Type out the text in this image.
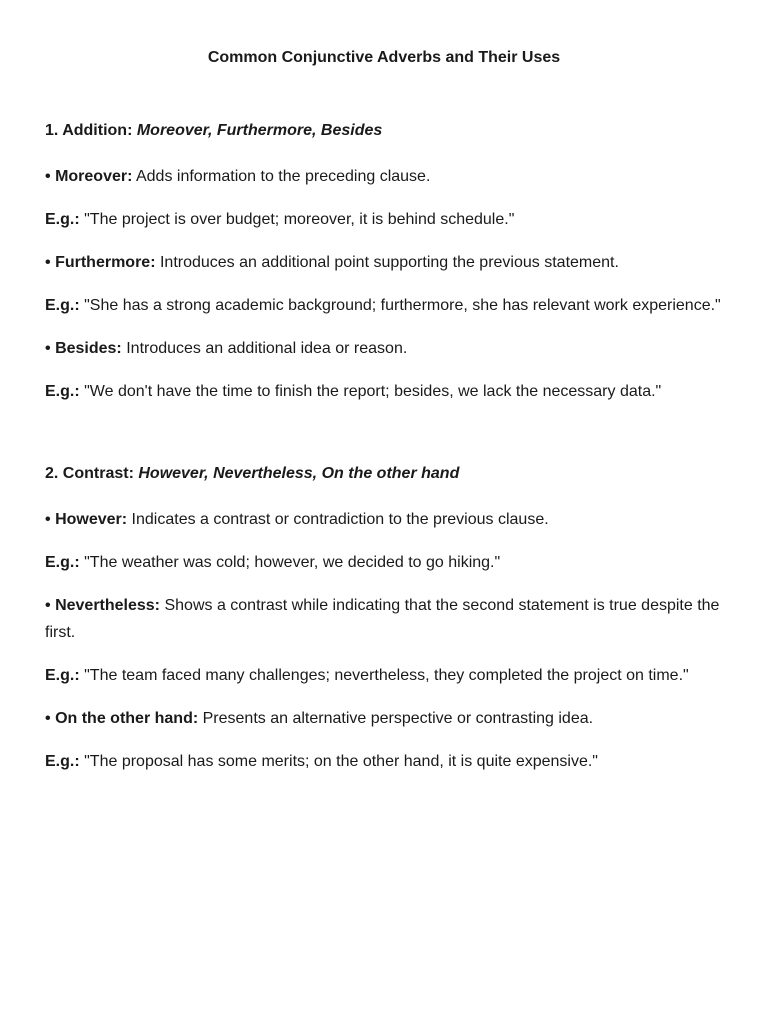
Common Conjunctive Adverbs and Their Uses
1. Addition: Moreover, Furthermore, Besides
• Moreover: Adds information to the preceding clause.
E.g.: "The project is over budget; moreover, it is behind schedule."
• Furthermore: Introduces an additional point supporting the previous statement.
E.g.: "She has a strong academic background; furthermore, she has relevant work experience."
• Besides: Introduces an additional idea or reason.
E.g.: "We don't have the time to finish the report; besides, we lack the necessary data."
2. Contrast: However, Nevertheless, On the other hand
• However: Indicates a contrast or contradiction to the previous clause.
E.g.: "The weather was cold; however, we decided to go hiking."
• Nevertheless: Shows a contrast while indicating that the second statement is true despite the first.
E.g.: "The team faced many challenges; nevertheless, they completed the project on time."
• On the other hand: Presents an alternative perspective or contrasting idea.
E.g.: "The proposal has some merits; on the other hand, it is quite expensive."
